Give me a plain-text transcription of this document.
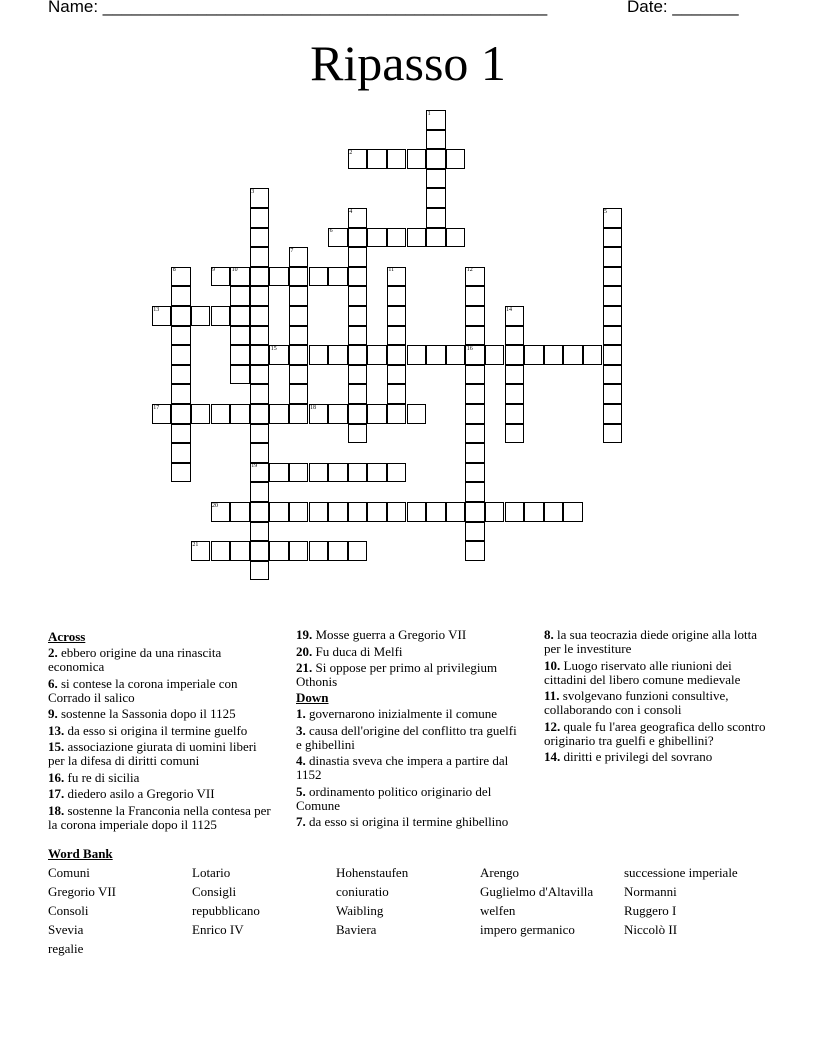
Name: _______________________________________________	Date: _______
Ripasso 1
1
2
3
4	5
6
7
8	9	10	11	12
13	14
15	16
17	18
19
20
21
Across
2. ebbero origine da una rinascita economica
6. si contese la corona imperiale con Corrado il salico
9. sostenne la Sassonia dopo il 1125
13. da esso si origina il termine guelfo
15. associazione giurata di uomini liberi per la difesa di diritti comuni
16. fu re di sicilia
17. diedero asilo a Gregorio VII
18. sostenne la Franconia nella contesa per la corona imperiale dopo il 1125
19. Mosse guerra a Gregorio VII
20. Fu duca di Melfi
21. Si oppose per primo al privilegium Othonis
Down
1. governarono inizialmente il comune
3. causa dell'origine del conflitto tra guelfi e ghibellini
4. dinastia sveva che impera a partire dal 1152
5. ordinamento politico originario del Comune
7. da esso si origina il termine ghibellino
8. la sua teocrazia diede origine alla lotta per le investiture
10. Luogo riservato alle riunioni dei cittadini del libero comune medievale
11. svolgevano funzioni consultive, collaborando con i consoli
12. quale fu l'area geografica dello scontro originario tra guelfi e ghibellini?
14. diritti e privilegi del sovrano
Word Bank
Comuni	Lotario	Hohenstaufen	Arengo	successione imperiale
Gregorio VII	Consigli	coniuratio	Guglielmo d'Altavilla	Normanni
Consoli	repubblicano	Waibling	welfen	Ruggero I
Svevia	Enrico IV	Baviera	impero germanico	Niccolò II
regalie
